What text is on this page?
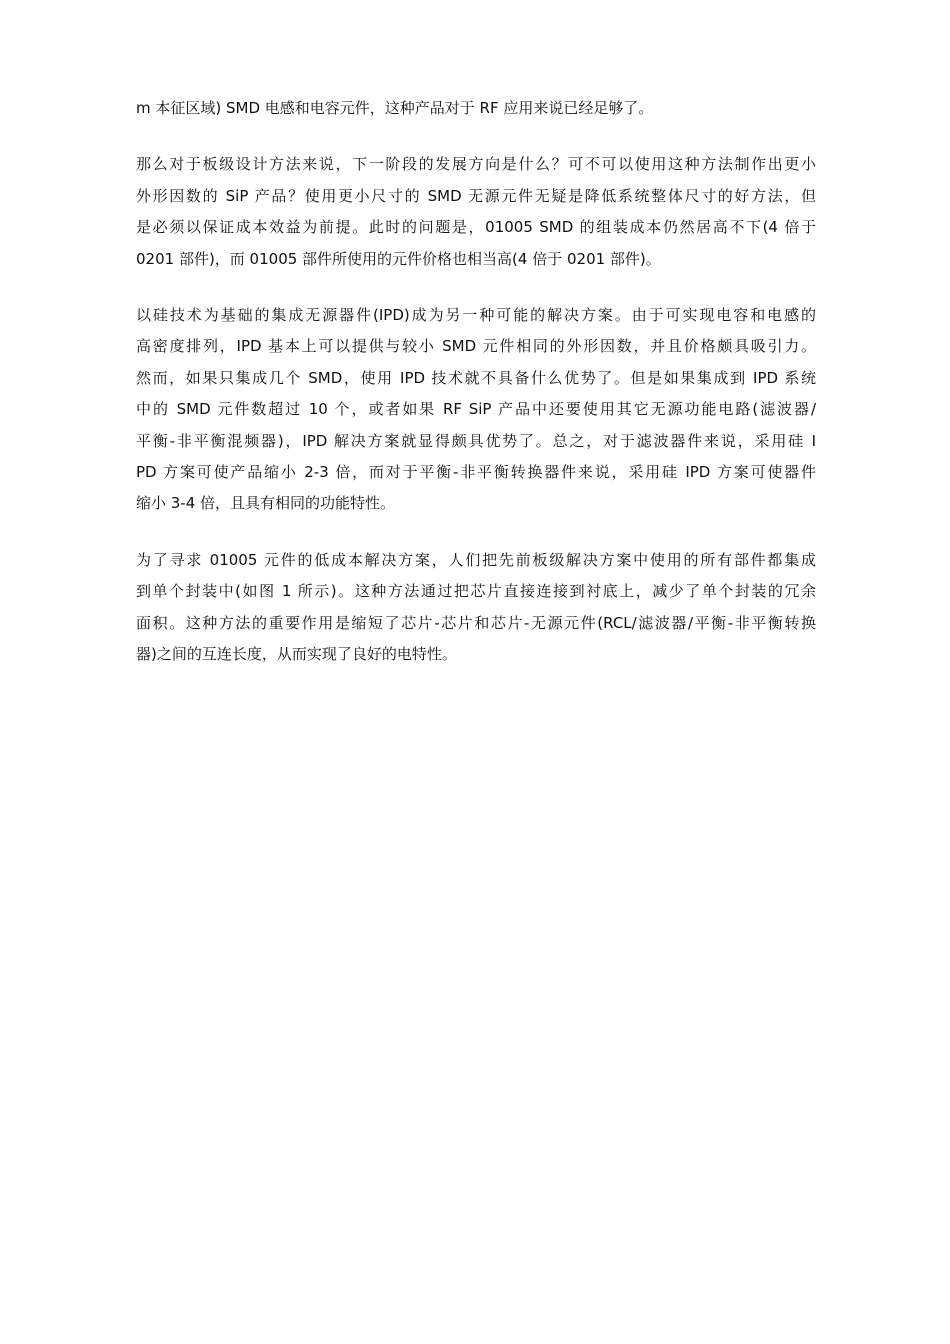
m 本征区域) SMD 电感和电容元件，这种产品对于 RF 应用来说已经足够了。

那么对于板级设计方法来说，下一阶段的发展方向是什么？可不可以使用这种方法制作出更小
外形因数的 SiP 产品？使用更小尺寸的 SMD 无源元件无疑是降低系统整体尺寸的好方法，但
是必须以保证成本效益为前提。此时的问题是，01005 SMD 的组装成本仍然居高不下(4 倍于
0201 部件)，而 01005 部件所使用的元件价格也相当高(4 倍于 0201 部件)。

以硅技术为基础的集成无源器件(IPD)成为另一种可能的解决方案。由于可实现电容和电感的
高密度排列，IPD 基本上可以提供与较小 SMD 元件相同的外形因数，并且价格颇具吸引力。
然而，如果只集成几个 SMD，使用 IPD 技术就不具备什么优势了。但是如果集成到 IPD 系统
中的 SMD 元件数超过 10 个，或者如果 RF SiP 产品中还要使用其它无源功能电路(滤波器/
平衡-非平衡混频器)，IPD 解决方案就显得颇具优势了。总之，对于滤波器件来说，采用硅 I
PD 方案可使产品缩小 2-3 倍，而对于平衡-非平衡转换器件来说，采用硅 IPD 方案可使器件
缩小 3-4 倍，且具有相同的功能特性。

为了寻求 01005 元件的低成本解决方案，人们把先前板级解决方案中使用的所有部件都集成
到单个封装中(如图 1 所示)。这种方法通过把芯片直接连接到衬底上，减少了单个封装的冗余
面积。这种方法的重要作用是缩短了芯片-芯片和芯片-无源元件(RCL/滤波器/平衡-非平衡转换
器)之间的互连长度，从而实现了良好的电特性。
